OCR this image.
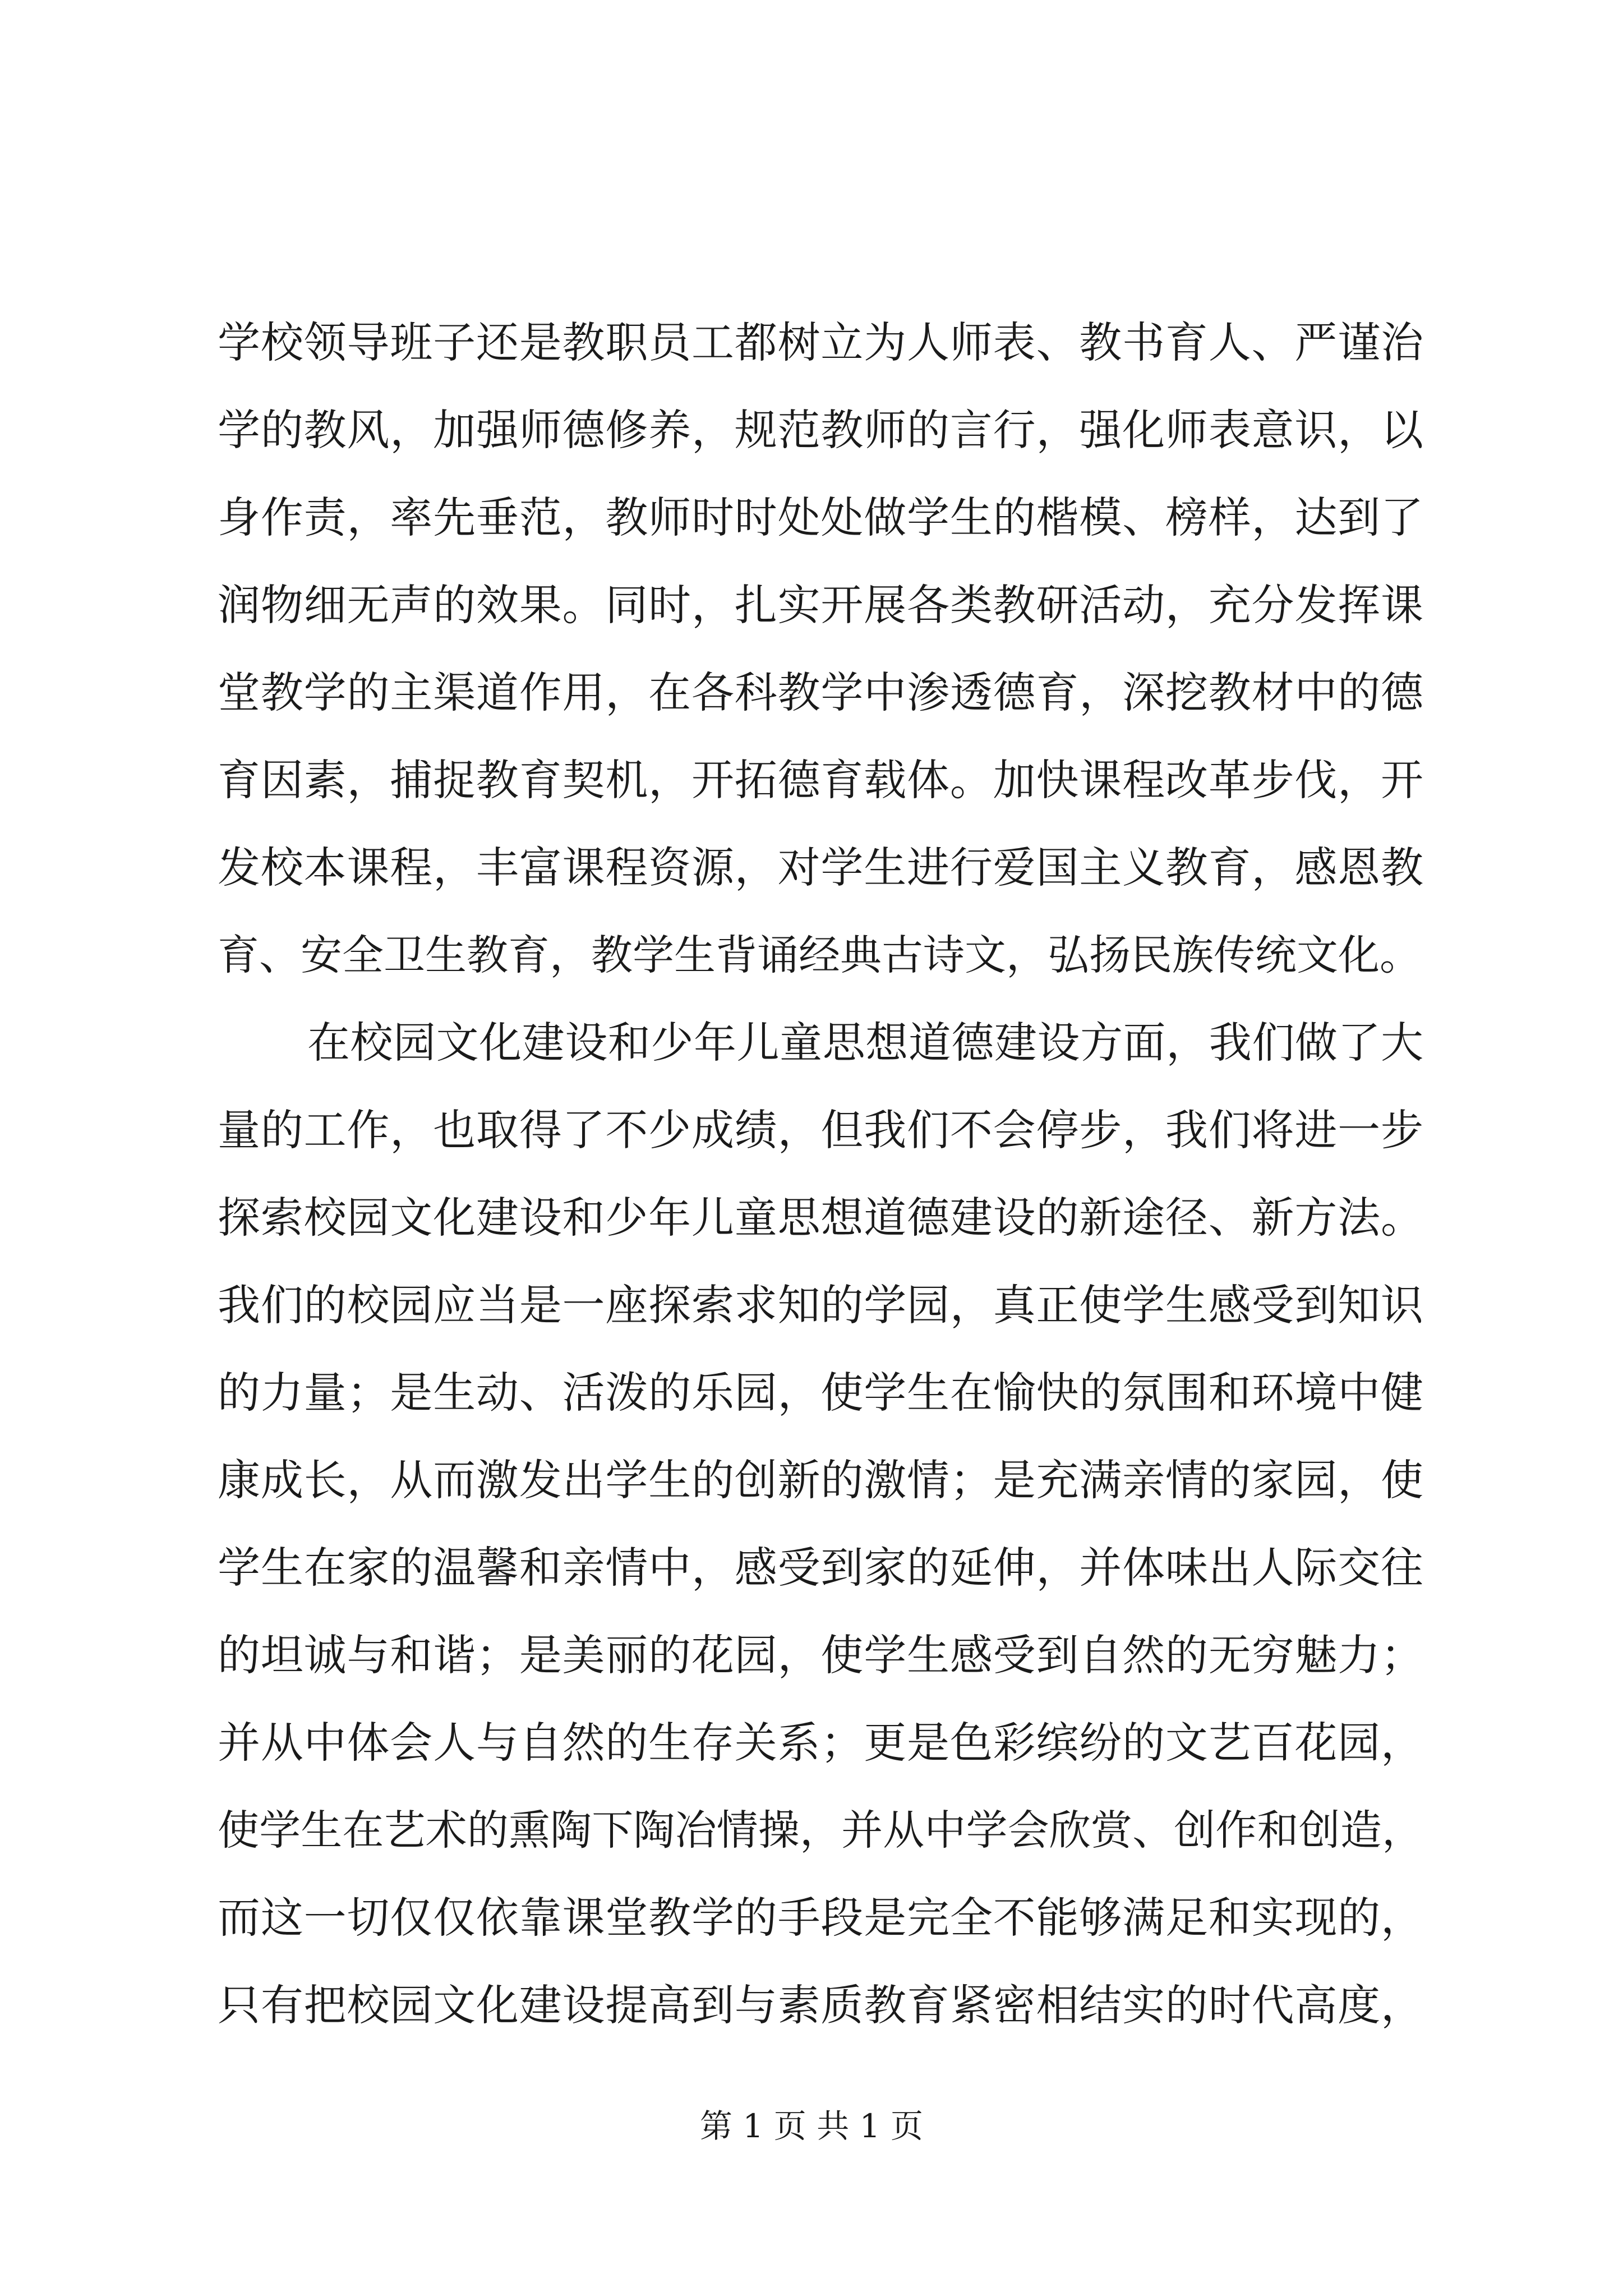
学校领导班子还是教职员工都树立为人师表、教书育人、严谨治

学的教风，加强师德修养，规范教师的言行，强化师表意识，以

身作责，率先垂范，教师时时处处做学生的楷模、榜样，达到了

润物细无声的效果。同时，扎实开展各类教研活动，充分发挥课

堂教学的主渠道作用，在各科教学中渗透德育，深挖教材中的德

育因素，捕捉教育契机，开拓德育载体。加快课程改革步伐，开

发校本课程，丰富课程资源，对学生进行爱国主义教育，感恩教

育、安全卫生教育，教学生背诵经典古诗文，弘扬民族传统文化。

在校园文化建设和少年儿童思想道德建设方面，我们做了大

量的工作，也取得了不少成绩，但我们不会停步，我们将进一步

探索校园文化建设和少年儿童思想道德建设的新途径、新方法。

我们的校园应当是一座探索求知的学园，真正使学生感受到知识

的力量；是生动、活泼的乐园，使学生在愉快的氛围和环境中健

康成长，从而激发出学生的创新的激情；是充满亲情的家园，使

学生在家的温馨和亲情中，感受到家的延伸，并体味出人际交往

的坦诚与和谐；是美丽的花园，使学生感受到自然的无穷魅力；

并从中体会人与自然的生存关系；更是色彩缤纷的文艺百花园，

使学生在艺术的熏陶下陶冶情操，并从中学会欣赏、创作和创造，

而这一切仅仅依靠课堂教学的手段是完全不能够满足和实现的，

只有把校园文化建设提高到与素质教育紧密相结实的时代高度，

第 1 页 共 1 页
